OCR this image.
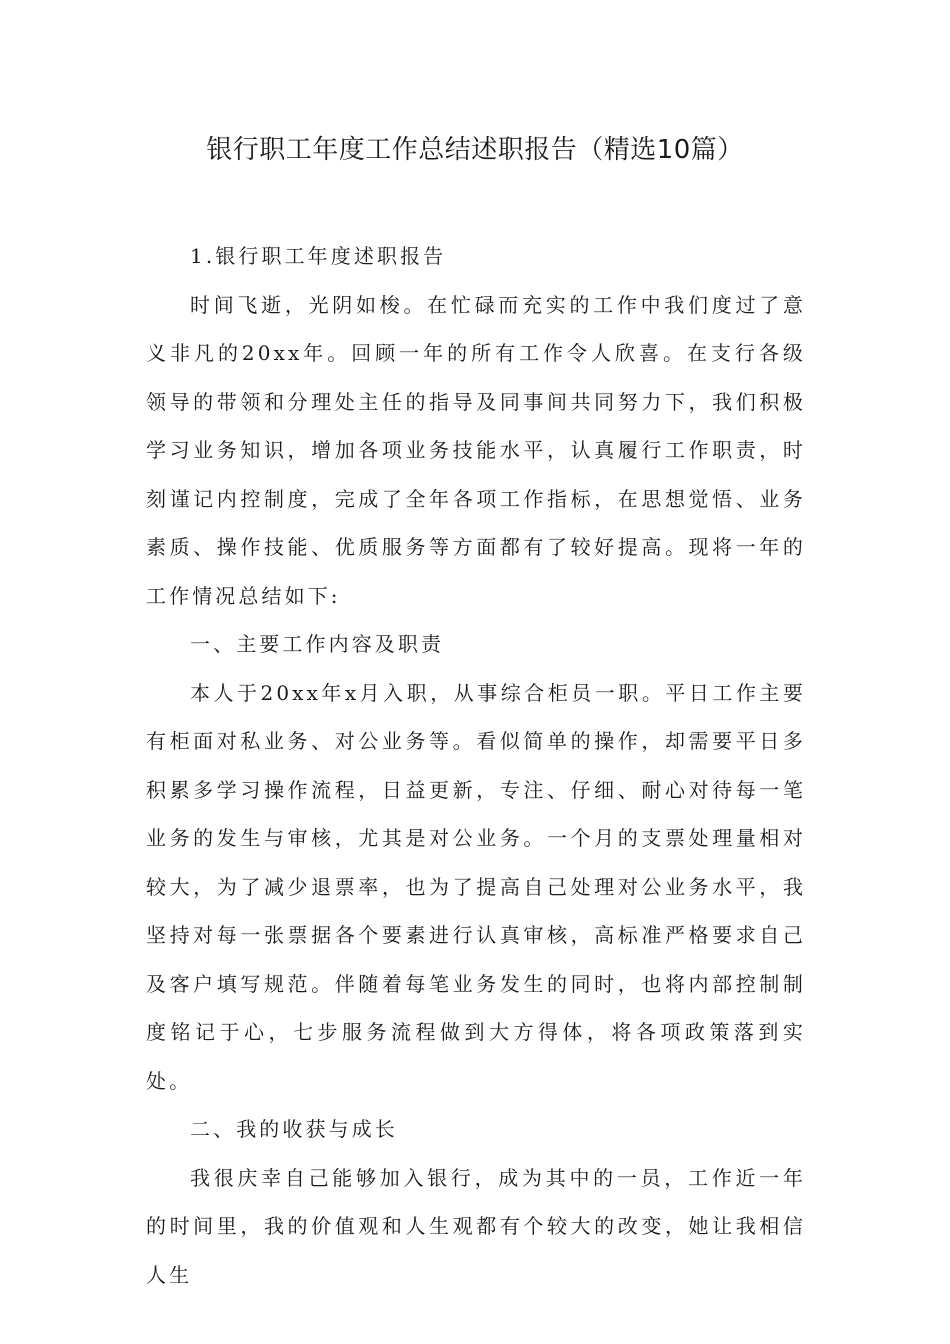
银行职工年度工作总结述职报告（精选10篇）

1.银行职工年度述职报告

时间飞逝，光阴如梭。在忙碌而充实的工作中我们度过了意义非凡的20xx年。回顾一年的所有工作令人欣喜。在支行各级领导的带领和分理处主任的指导及同事间共同努力下，我们积极学习业务知识，增加各项业务技能水平，认真履行工作职责，时刻谨记内控制度，完成了全年各项工作指标，在思想觉悟、业务素质、操作技能、优质服务等方面都有了较好提高。现将一年的工作情况总结如下:

一、主要工作内容及职责

本人于20xx年x月入职，从事综合柜员一职。平日工作主要有柜面对私业务、对公业务等。看似简单的操作，却需要平日多积累多学习操作流程，日益更新，专注、仔细、耐心对待每一笔业务的发生与审核，尤其是对公业务。一个月的支票处理量相对较大，为了减少退票率，也为了提高自己处理对公业务水平，我坚持对每一张票据各个要素进行认真审核，高标准严格要求自己及客户填写规范。伴随着每笔业务发生的同时，也将内部控制制度铭记于心，七步服务流程做到大方得体，将各项政策落到实处。

二、我的收获与成长

我很庆幸自己能够加入银行，成为其中的一员，工作近一年的时间里，我的价值观和人生观都有个较大的改变，她让我相信人生
